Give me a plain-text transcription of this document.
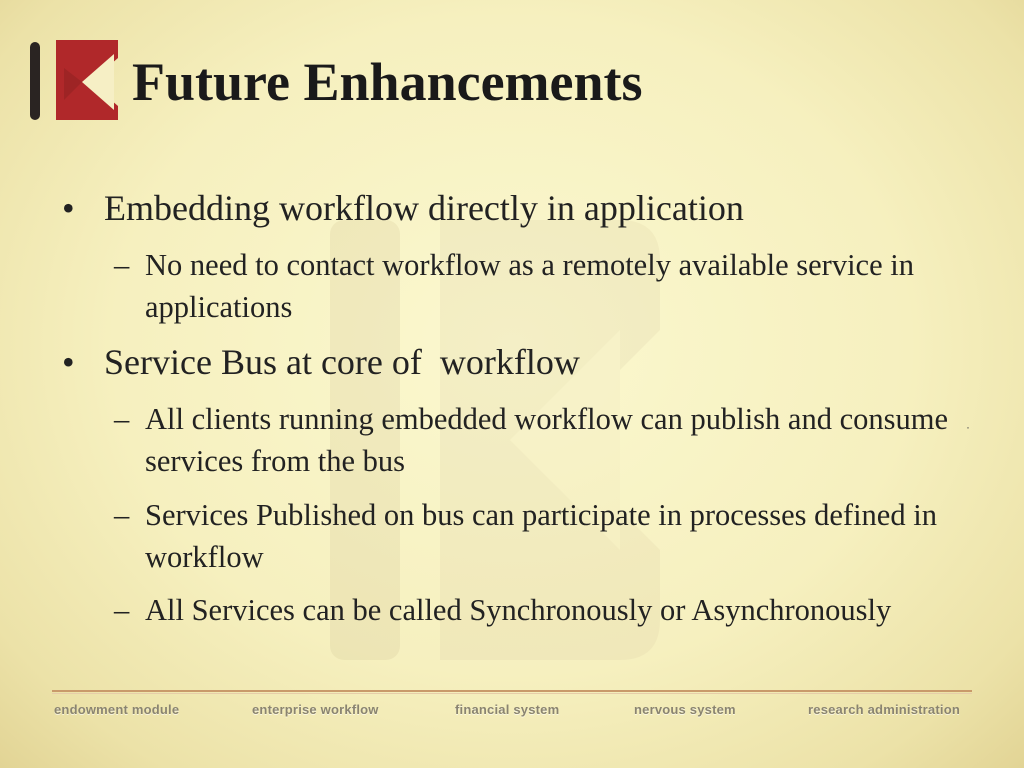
Future Enhancements
• Embedding workflow directly in application
– No need to contact workflow as a remotely available service in applications
• Service Bus at core of  workflow
– All clients running embedded workflow can publish and consume services from the bus
– Services Published on bus can participate in processes defined in workflow
– All Services can be called Synchronously or Asynchronously
·
endowment module	enterprise workflow	financial system	nervous system	research administration
